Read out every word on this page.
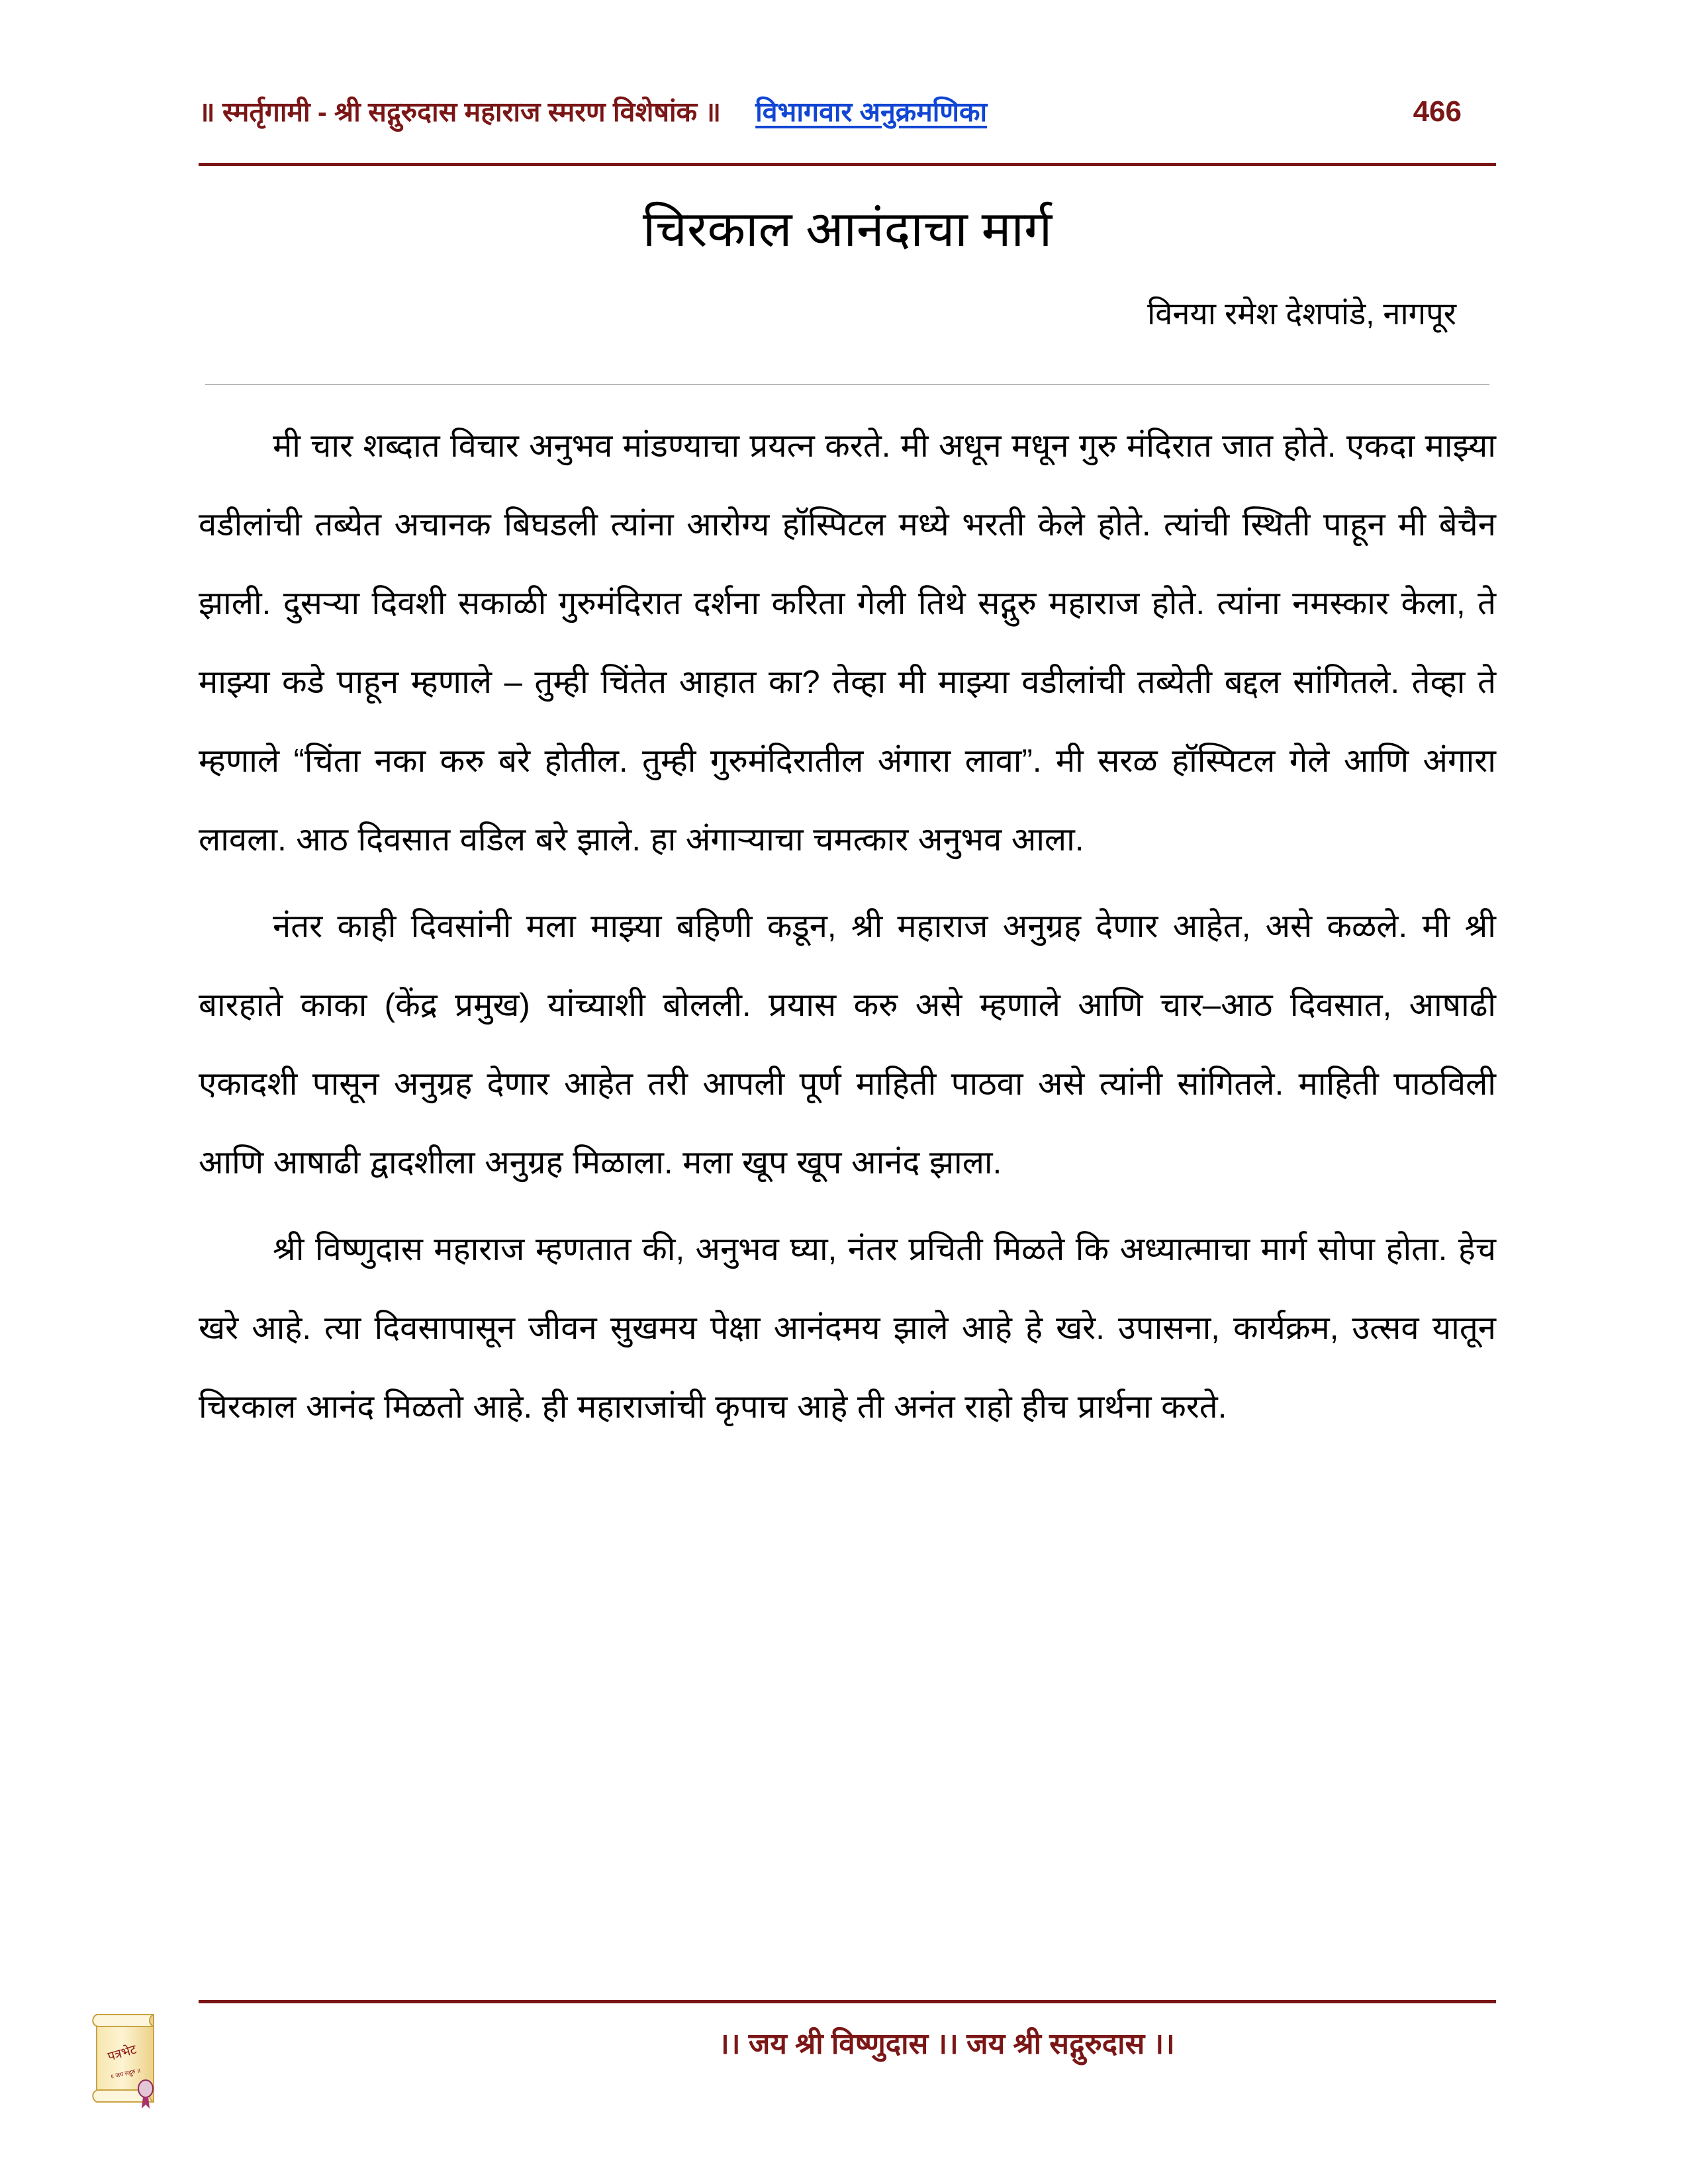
॥ स्मर्तृगामी - श्री सद्गुरुदास महाराज स्मरण विशेषांक ॥ विभागवार अनुक्रमणिका	466
चिरकाल आनंदाचा मार्ग
विनया रमेश देशपांडे, नागपूर

मी चार शब्दात विचार अनुभव मांडण्याचा प्रयत्न करते. मी अधून मधून गुरु मंदिरात जात होते. एकदा माझ्या वडीलांची तब्येत अचानक बिघडली त्यांना आरोग्य हॉस्पिटल मध्ये भरती केले होते. त्यांची स्थिती पाहून मी बेचैन झाली. दुसऱ्या दिवशी सकाळी गुरुमंदिरात दर्शना करिता गेली तिथे सद्गुरु महाराज होते. त्यांना नमस्कार केला, ते माझ्या कडे पाहून म्हणाले – तुम्ही चिंतेत आहात का? तेव्हा मी माझ्या वडीलांची तब्येती बद्दल सांगितले. तेव्हा ते म्हणाले “चिंता नका करु बरे होतील. तुम्ही गुरुमंदिरातील अंगारा लावा”. मी सरळ हॉस्पिटल गेले आणि अंगारा लावला. आठ दिवसात वडिल बरे झाले. हा अंगाऱ्याचा चमत्कार अनुभव आला.

नंतर काही दिवसांनी मला माझ्या बहिणी कडून, श्री महाराज अनुग्रह देणार आहेत, असे कळले. मी श्री बारहाते काका (केंद्र प्रमुख) यांच्याशी बोलली. प्रयास करु असे म्हणाले आणि चार–आठ दिवसात, आषाढी एकादशी पासून अनुग्रह देणार आहेत तरी आपली पूर्ण माहिती पाठवा असे त्यांनी सांगितले. माहिती पाठविली आणि आषाढी द्वादशीला अनुग्रह मिळाला. मला खूप खूप आनंद झाला.

श्री विष्णुदास महाराज म्हणतात की, अनुभव घ्या, नंतर प्रचिती मिळते कि अध्यात्माचा मार्ग सोपा होता. हेच खरे आहे. त्या दिवसापासून जीवन सुखमय पेक्षा आनंदमय झाले आहे हे खरे. उपासना, कार्यक्रम, उत्सव यातून चिरकाल आनंद मिळतो आहे. ही महाराजांची कृपाच आहे ती अनंत राहो हीच प्रार्थना करते.

पत्रभेट
॥ जय सद्गुरु ॥
।। जय श्री विष्णुदास ।। जय श्री सद्गुरुदास ।।
